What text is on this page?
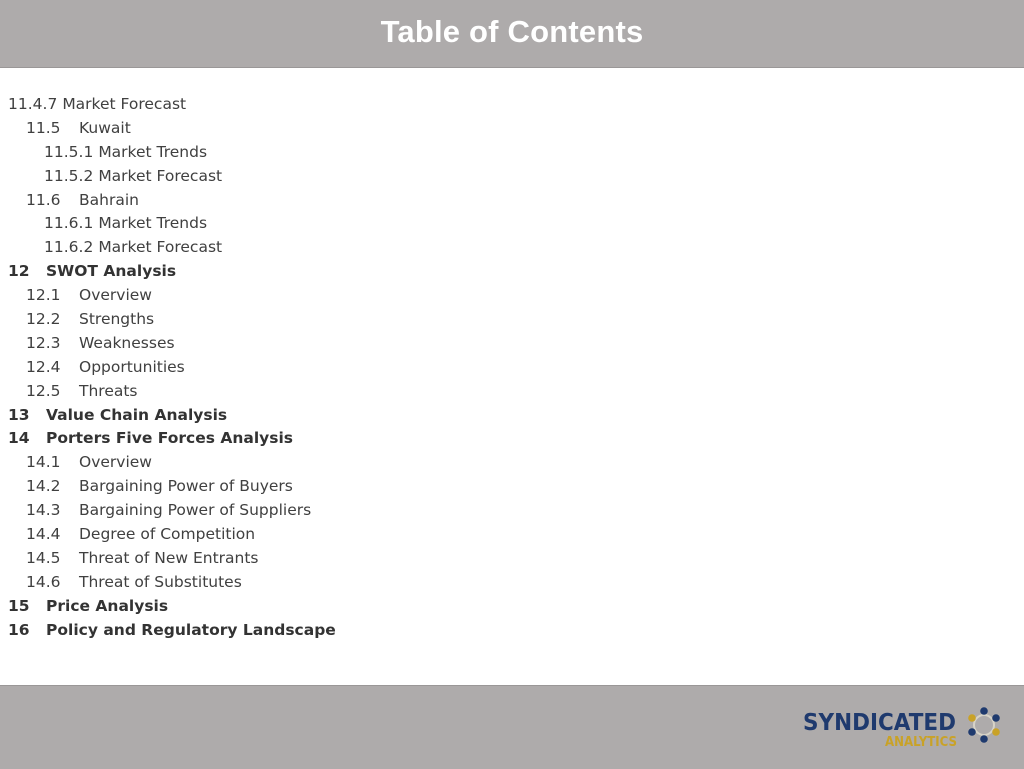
Table of Contents
11.4.7 Market Forecast
11.5 Kuwait
11.5.1 Market Trends
11.5.2 Market Forecast
11.6 Bahrain
11.6.1 Market Trends
11.6.2 Market Forecast
12 SWOT Analysis
12.1 Overview
12.2 Strengths
12.3 Weaknesses
12.4 Opportunities
12.5 Threats
13 Value Chain Analysis
14 Porters Five Forces Analysis
14.1 Overview
14.2 Bargaining Power of Buyers
14.3 Bargaining Power of Suppliers
14.4 Degree of Competition
14.5 Threat of New Entrants
14.6 Threat of Substitutes
15 Price Analysis
16 Policy and Regulatory Landscape
SYNDICATED
ANALYTICS
